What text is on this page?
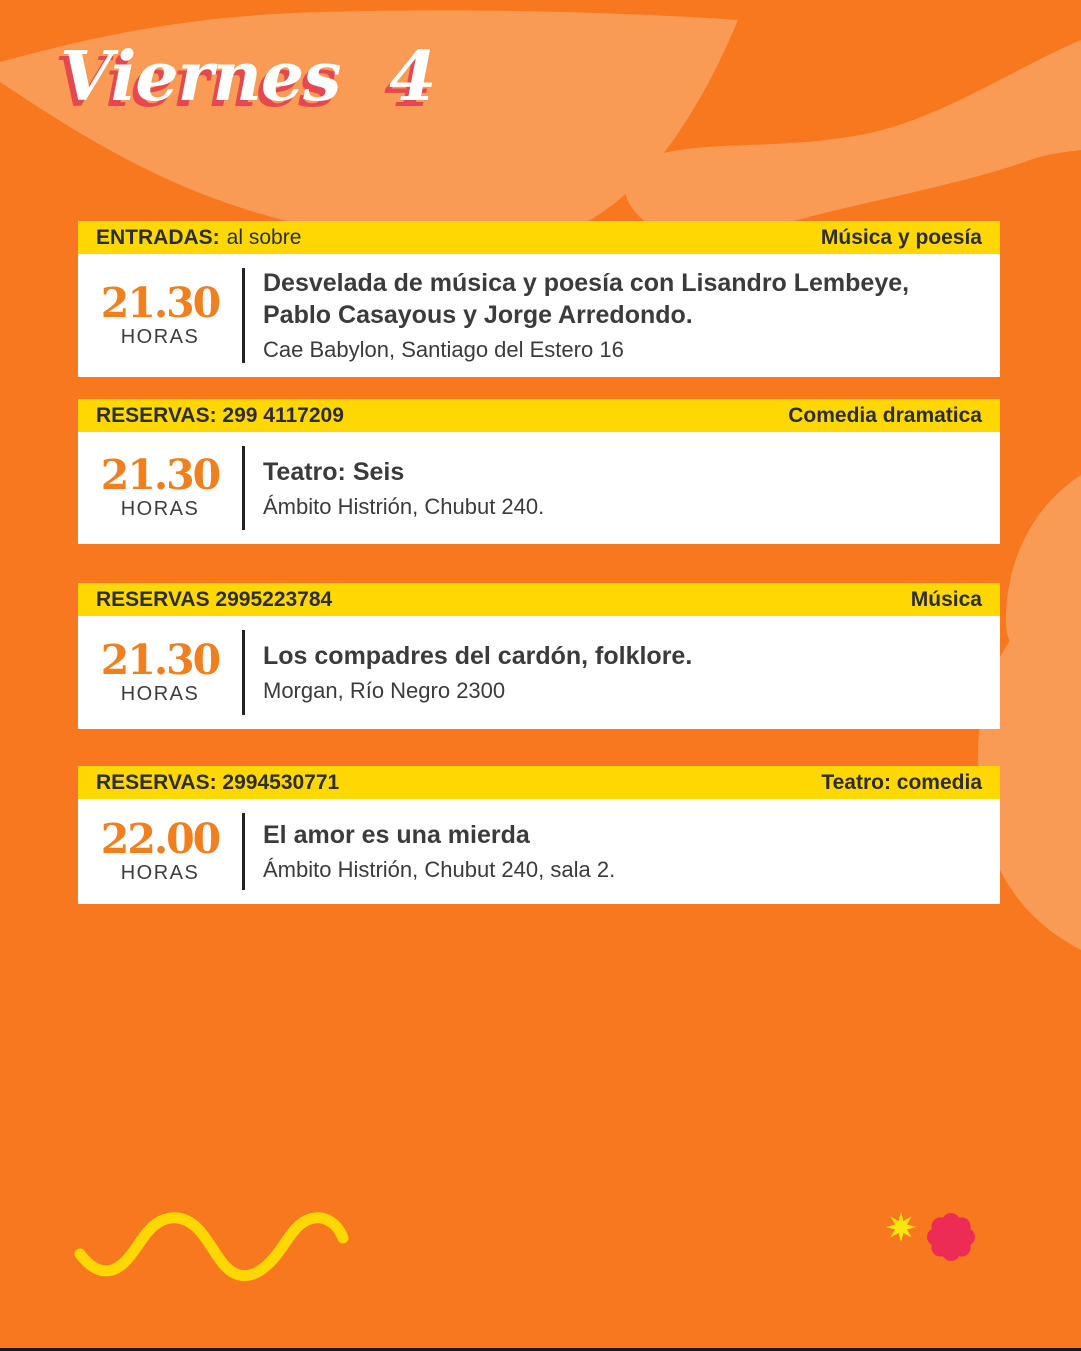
Viernes 4
ENTRADAS: al sobre	Música y poesía
21.30
HORAS
Desvelada de música y poesía con Lisandro Lembeye, Pablo Casayous y Jorge Arredondo.
Cae Babylon, Santiago del Estero 16
RESERVAS: 299 4117209	Comedia dramatica
21.30
HORAS
Teatro: Seis
Ámbito Histrión, Chubut 240.
RESERVAS 2995223784	Música
21.30
HORAS
Los compadres del cardón, folklore.
Morgan, Río Negro 2300
RESERVAS: 2994530771	Teatro: comedia
22.00
HORAS
El amor es una mierda
Ámbito Histrión, Chubut 240, sala 2.
